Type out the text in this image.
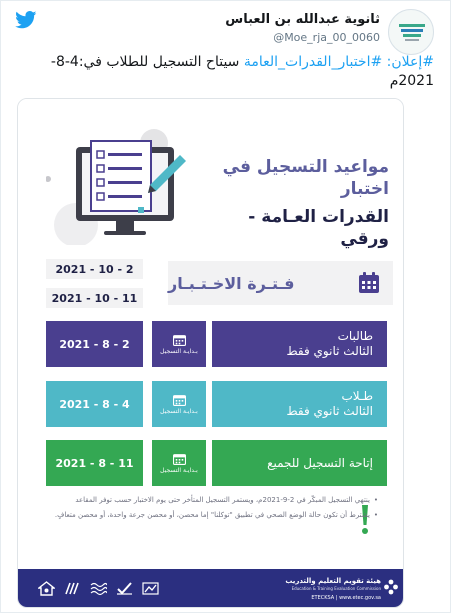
ثانوية عبدالله بن العباس
@Moe_rja_00_0060
#إعلان: #اختبار_القدرات_العامة سيتاح التسجيل للطلاب في:4-8-2021م
مواعيد التسجيل في اختبار
القدرات العـامة - ورقي
2021 - 10 - 2
2021 - 10 - 11
فـتـرة الاخـتـبـار
2021 - 8 - 2
بـدايـة التسجيل
طالبات
الثالث ثانوي فقط
2021 - 8 - 4
بـدايـة التسجيل
طـلاب
الثالث ثانوي فقط
2021 - 8 - 11
بـدايـة التسجيل
إتاحة التسجيل للجميع
• ينتهي التسجيل المبكّر في 2-9-2021م، ويستمر التسجيل المتأخر حتى يوم الاختبار حسب توفر المقاعد
• يشترط أن تكون حالة الوضع الصحي في تطبيق "توكلنا" إما محصن، أو محصن جرعة واحدة، أو محصن متعافٍ.
هيئة تقويم التعليم والتدريب
Education & Training Evaluation Commission
ETECKSA | www.etec.gov.sa
